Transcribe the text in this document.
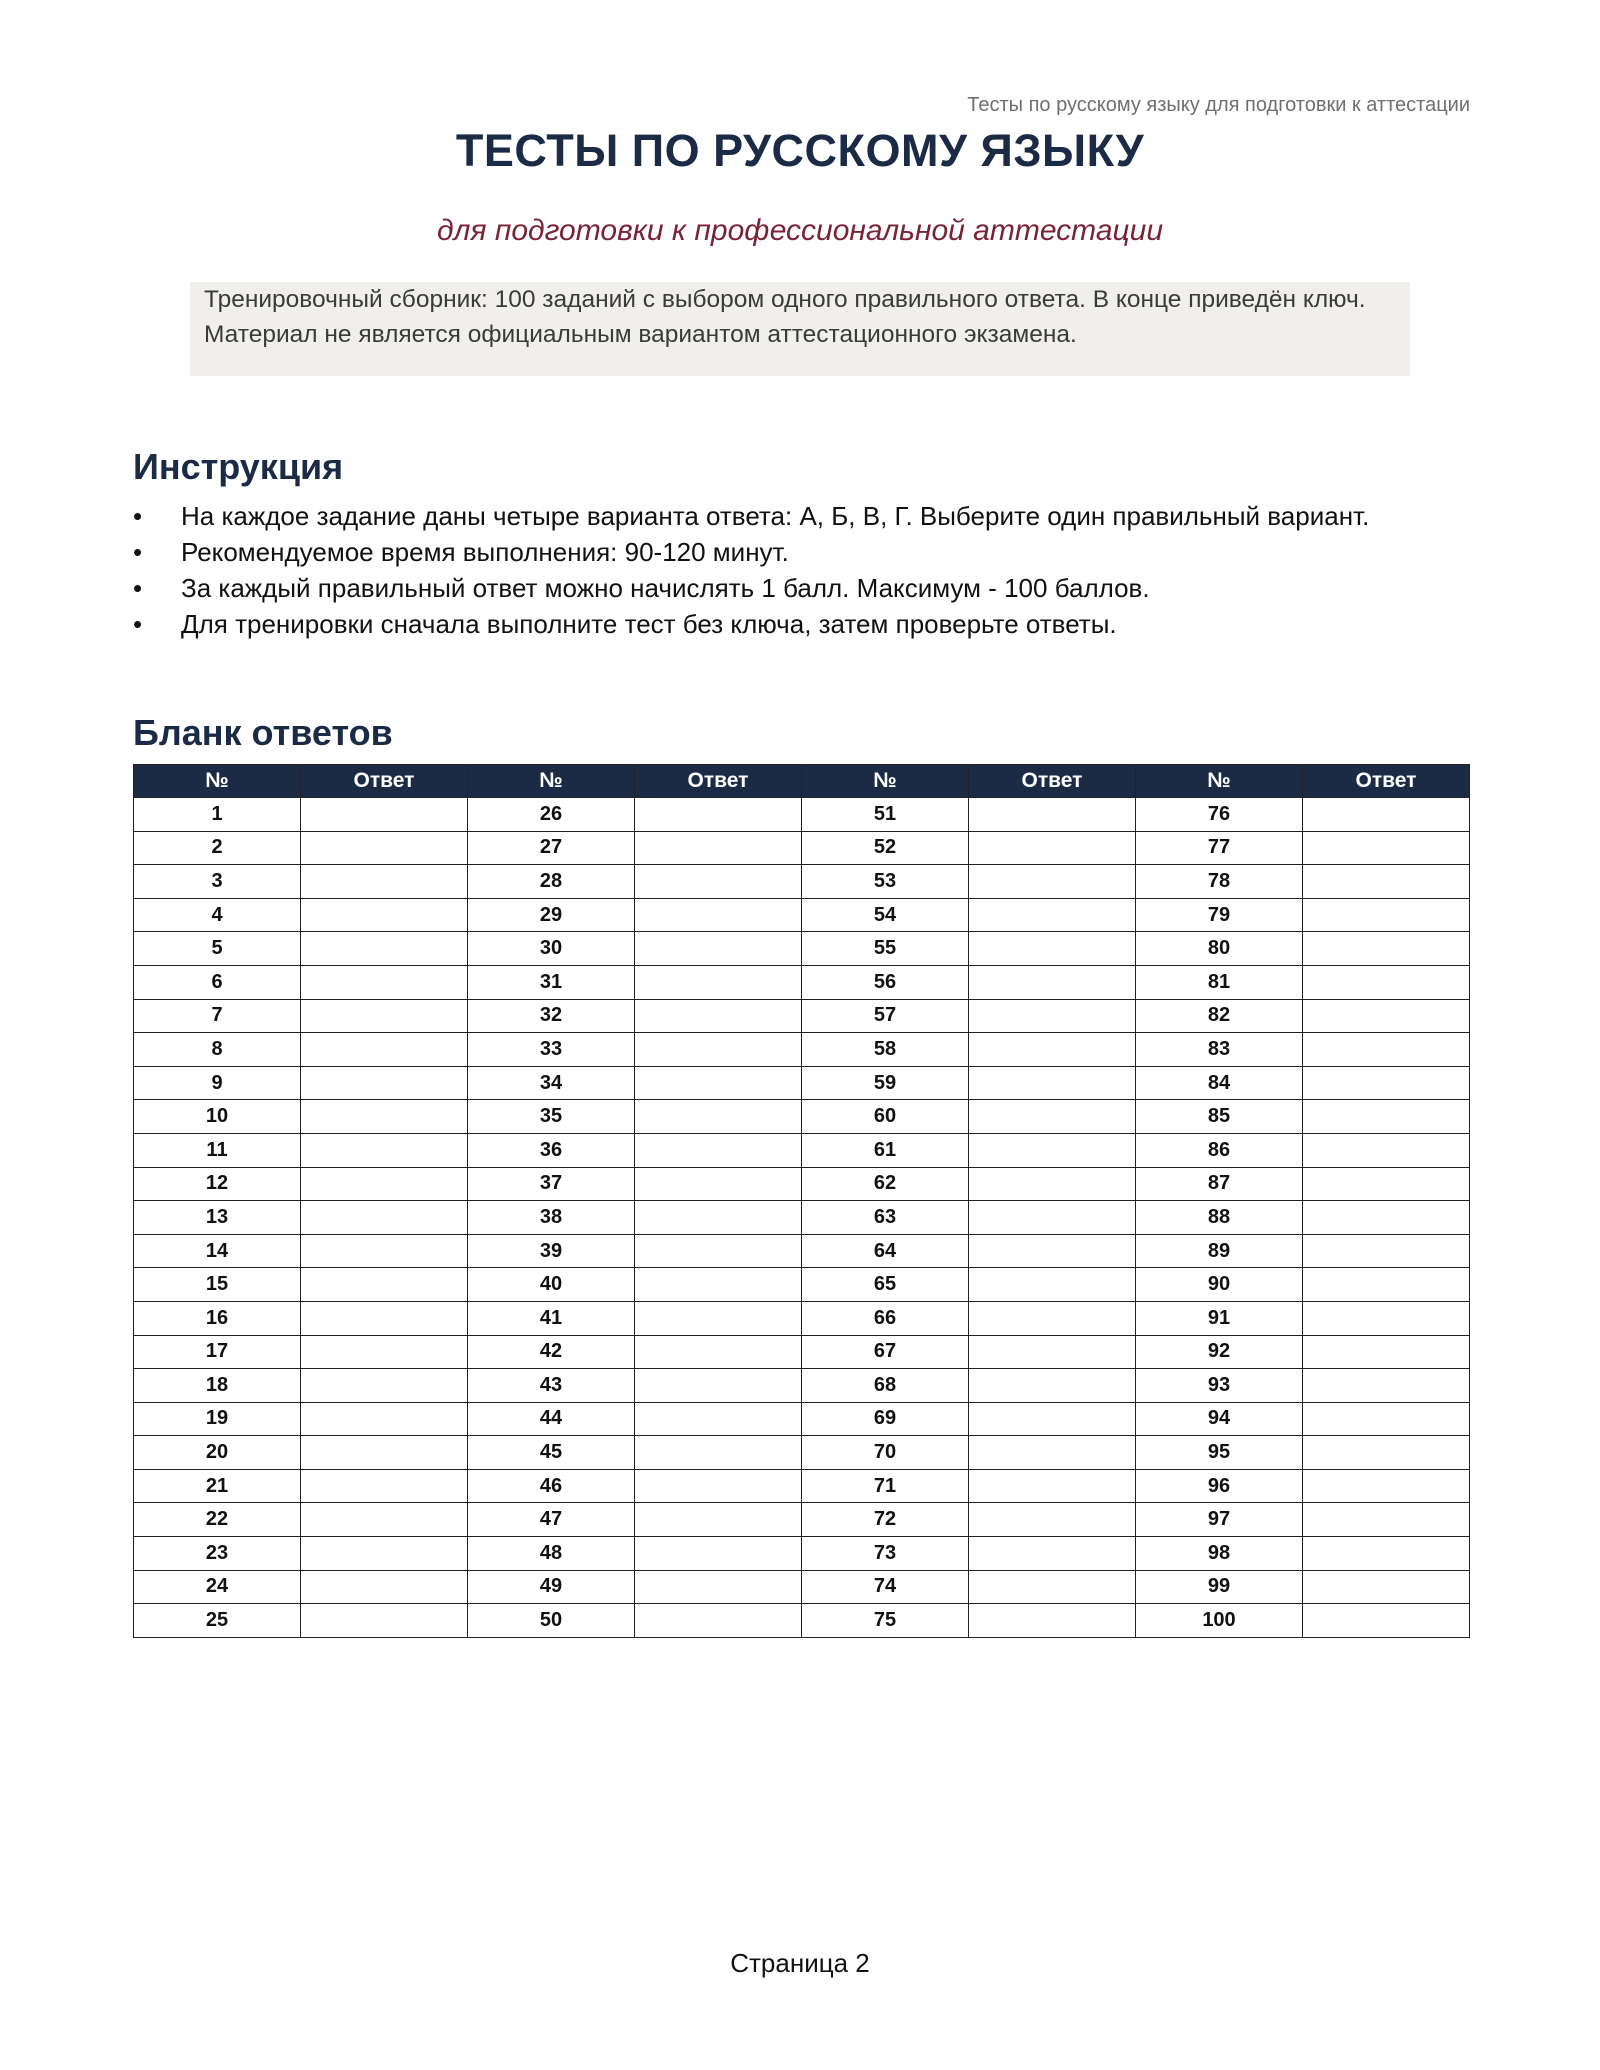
Тесты по русскому языку для подготовки к аттестации
ТЕСТЫ ПО РУССКОМУ ЯЗЫКУ
для подготовки к профессиональной аттестации
Тренировочный сборник: 100 заданий с выбором одного правильного ответа. В конце приведён ключ. Материал не является официальным вариантом аттестационного экзамена.
Инструкция
•	На каждое задание даны четыре варианта ответа: А, Б, В, Г. Выберите один правильный вариант.
•	Рекомендуемое время выполнения: 90-120 минут.
•	За каждый правильный ответ можно начислять 1 балл. Максимум - 100 баллов.
•	Для тренировки сначала выполните тест без ключа, затем проверьте ответы.
Бланк ответов
№	Ответ	№	Ответ	№	Ответ	№	Ответ
1		26		51		76	
2		27		52		77	
3		28		53		78	
4		29		54		79	
5		30		55		80	
6		31		56		81	
7		32		57		82	
8		33		58		83	
9		34		59		84	
10		35		60		85	
11		36		61		86	
12		37		62		87	
13		38		63		88	
14		39		64		89	
15		40		65		90	
16		41		66		91	
17		42		67		92	
18		43		68		93	
19		44		69		94	
20		45		70		95	
21		46		71		96	
22		47		72		97	
23		48		73		98	
24		49		74		99	
25		50		75		100	
Страница 2
